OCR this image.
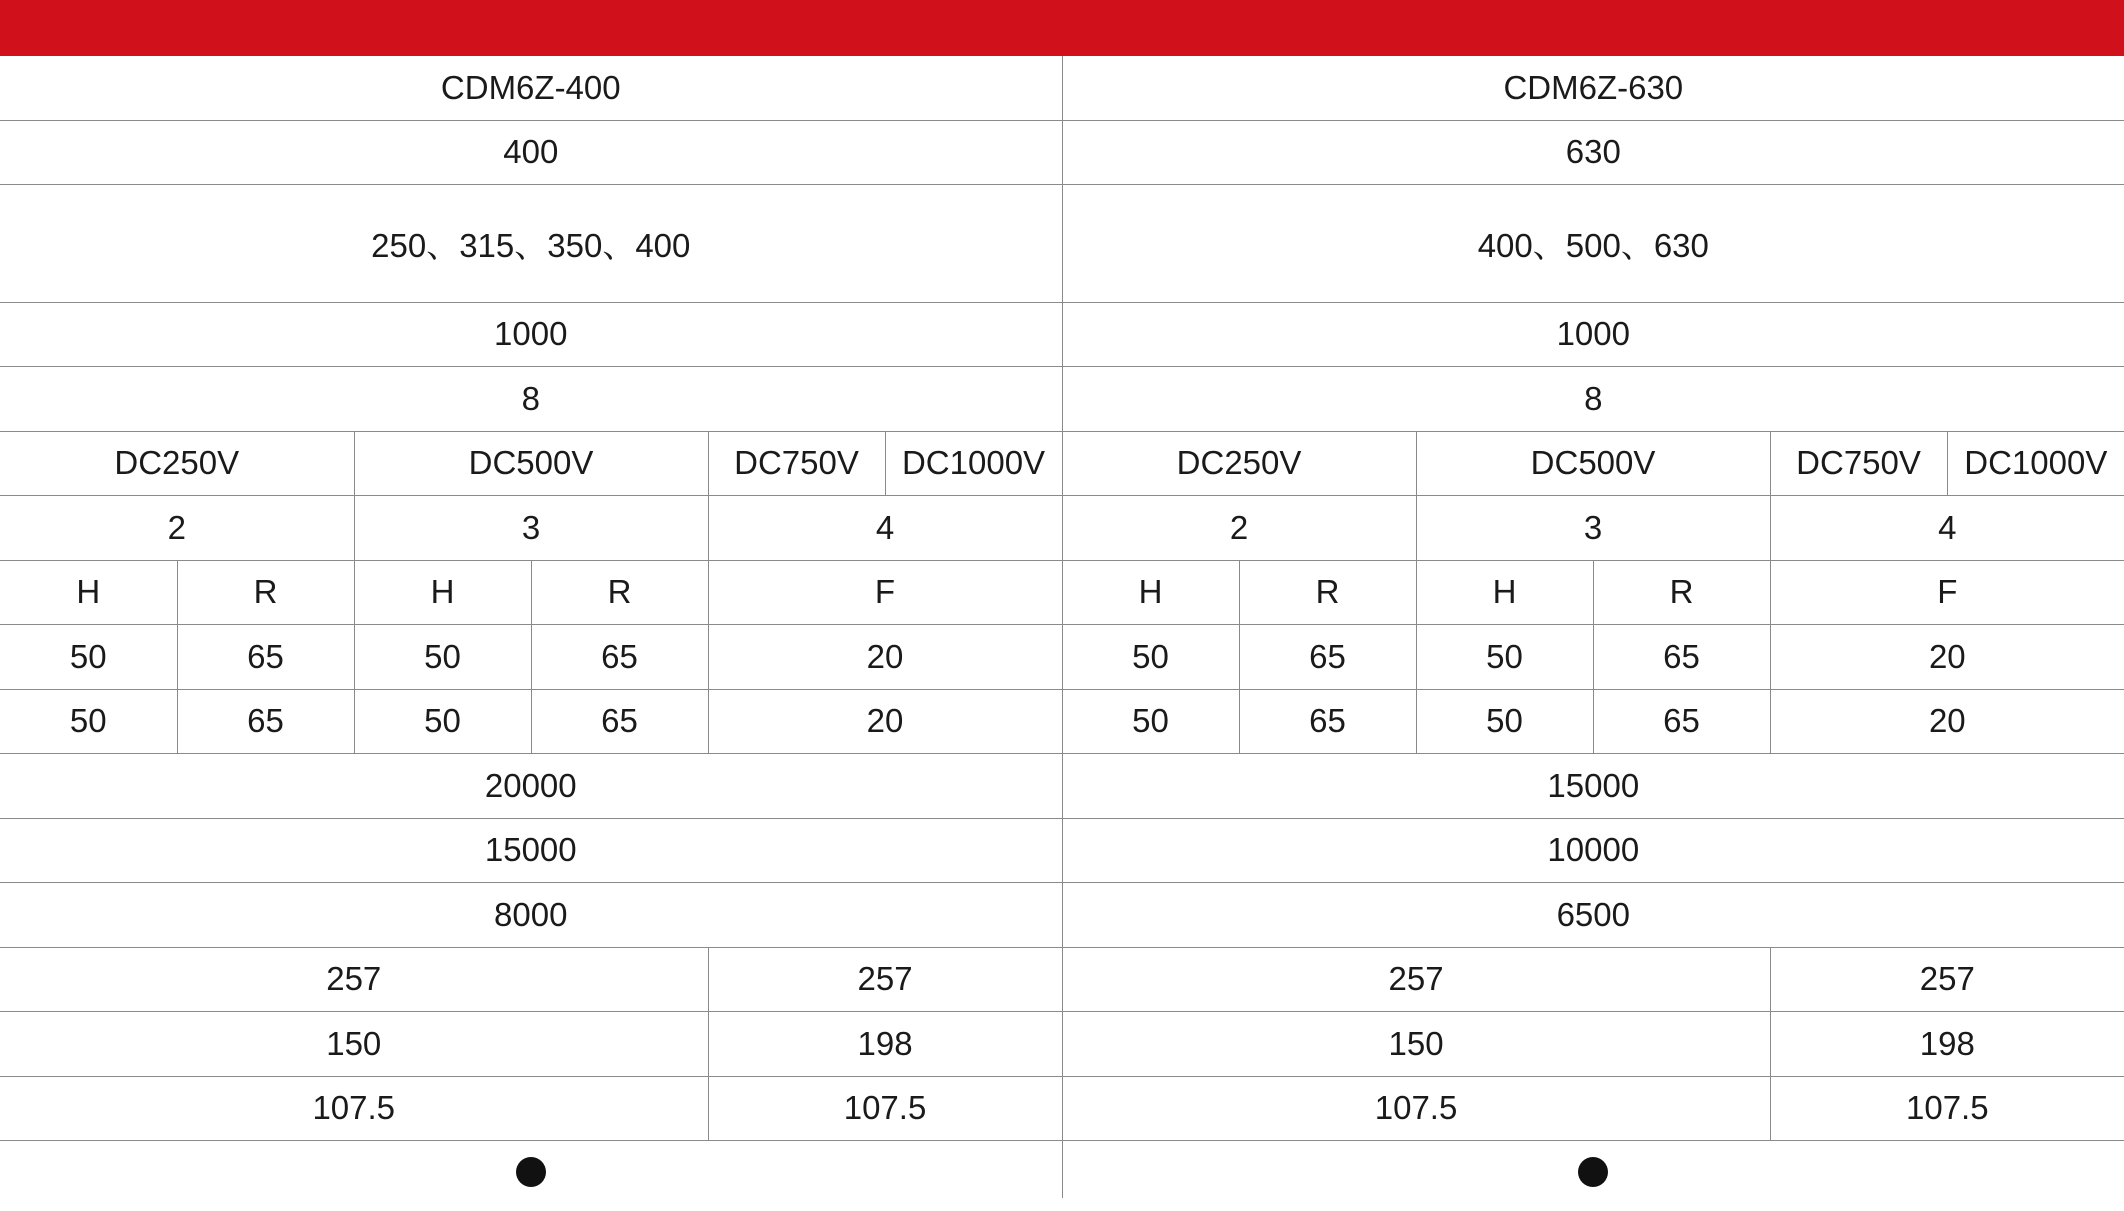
CDM6Z-400						CDM6Z-630					
400						630					
250、315、350、400						400、500、630					
1000						1000					
8						8					
DC250V		DC500V		DC750V	DC1000V	DC250V		DC500V		DC750V	DC1000V
2		3		4		2		3		4	
H	R	H	R	F		H	R	H	R	F	
50	65	50	65	20		50	65	50	65	20	
50	65	50	65	20		50	65	50	65	20	
20000						15000					
15000						10000					
8000						6500					
257				257		257				257	
150				198		150				198	
107.5				107.5		107.5				107.5	
